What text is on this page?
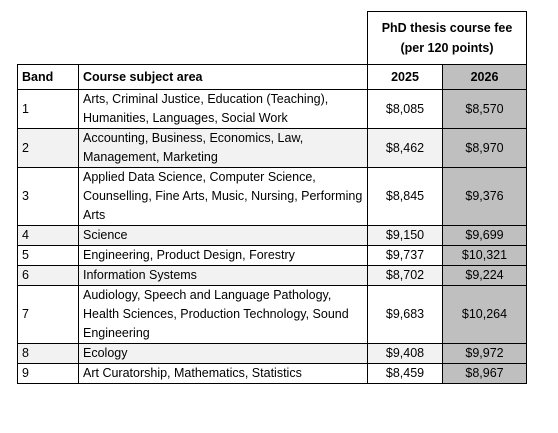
		PhD thesis course fee (per 120 points)	
Band	Course subject area	2025	2026
1	Arts, Criminal Justice, Education (Teaching), Humanities, Languages, Social Work	$8,085	$8,570
2	Accounting, Business, Economics, Law, Management, Marketing	$8,462	$8,970
3	Applied Data Science, Computer Science, Counselling, Fine Arts, Music, Nursing, Performing Arts	$8,845	$9,376
4	Science	$9,150	$9,699
5	Engineering, Product Design, Forestry	$9,737	$10,321
6	Information Systems	$8,702	$9,224
7	Audiology, Speech and Language Pathology, Health Sciences, Production Technology, Sound Engineering	$9,683	$10,264
8	Ecology	$9,408	$9,972
9	Art Curatorship, Mathematics, Statistics	$8,459	$8,967
